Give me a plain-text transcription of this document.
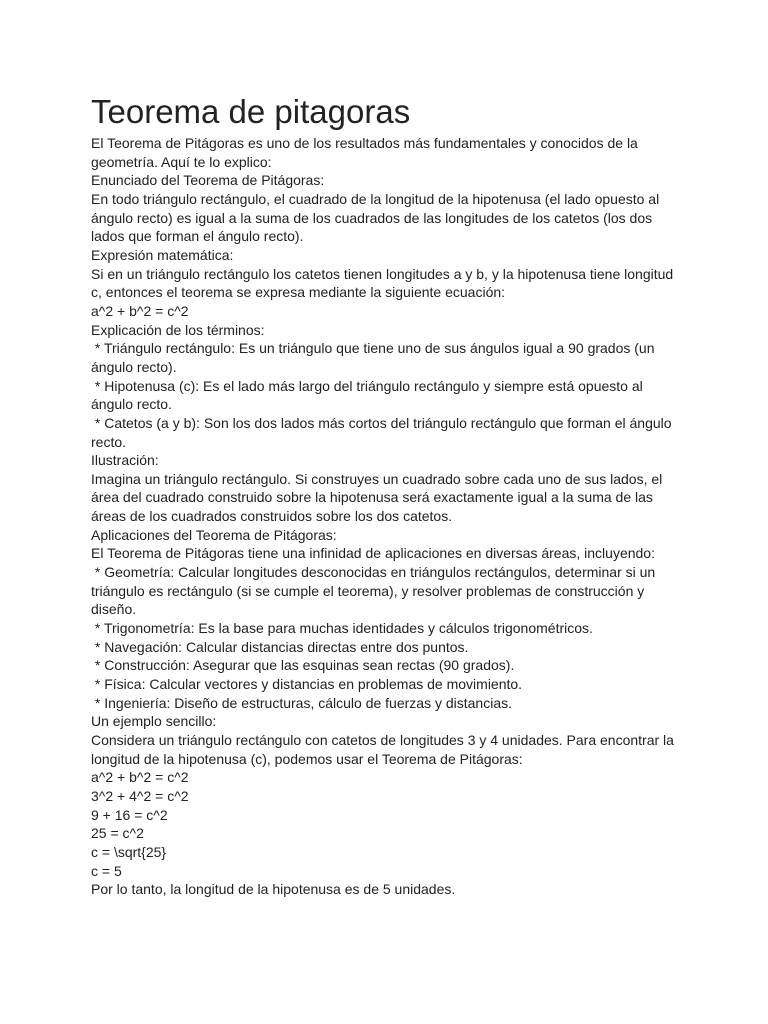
Teorema de pitagoras

El Teorema de Pitágoras es uno de los resultados más fundamentales y conocidos de la

geometría. Aquí te lo explico:

Enunciado del Teorema de Pitágoras:

En todo triángulo rectángulo, el cuadrado de la longitud de la hipotenusa (el lado opuesto al

ángulo recto) es igual a la suma de los cuadrados de las longitudes de los catetos (los dos

lados que forman el ángulo recto).

Expresión matemática:

Si en un triángulo rectángulo los catetos tienen longitudes a y b, y la hipotenusa tiene longitud

c, entonces el teorema se expresa mediante la siguiente ecuación:

a^2 + b^2 = c^2

Explicación de los términos:

* Triángulo rectángulo: Es un triángulo que tiene uno de sus ángulos igual a 90 grados (un

ángulo recto).

* Hipotenusa (c): Es el lado más largo del triángulo rectángulo y siempre está opuesto al

ángulo recto.

* Catetos (a y b): Son los dos lados más cortos del triángulo rectángulo que forman el ángulo

recto.

Ilustración:

Imagina un triángulo rectángulo. Si construyes un cuadrado sobre cada uno de sus lados, el

área del cuadrado construido sobre la hipotenusa será exactamente igual a la suma de las

áreas de los cuadrados construidos sobre los dos catetos.

Aplicaciones del Teorema de Pitágoras:

El Teorema de Pitágoras tiene una infinidad de aplicaciones en diversas áreas, incluyendo:

* Geometría: Calcular longitudes desconocidas en triángulos rectángulos, determinar si un

triángulo es rectángulo (si se cumple el teorema), y resolver problemas de construcción y

diseño.

* Trigonometría: Es la base para muchas identidades y cálculos trigonométricos.

* Navegación: Calcular distancias directas entre dos puntos.

* Construcción: Asegurar que las esquinas sean rectas (90 grados).

* Física: Calcular vectores y distancias en problemas de movimiento.

* Ingeniería: Diseño de estructuras, cálculo de fuerzas y distancias.

Un ejemplo sencillo:

Considera un triángulo rectángulo con catetos de longitudes 3 y 4 unidades. Para encontrar la

longitud de la hipotenusa (c), podemos usar el Teorema de Pitágoras:

a^2 + b^2 = c^2

3^2 + 4^2 = c^2

9 + 16 = c^2

25 = c^2

c = \sqrt{25}

c = 5

Por lo tanto, la longitud de la hipotenusa es de 5 unidades.
